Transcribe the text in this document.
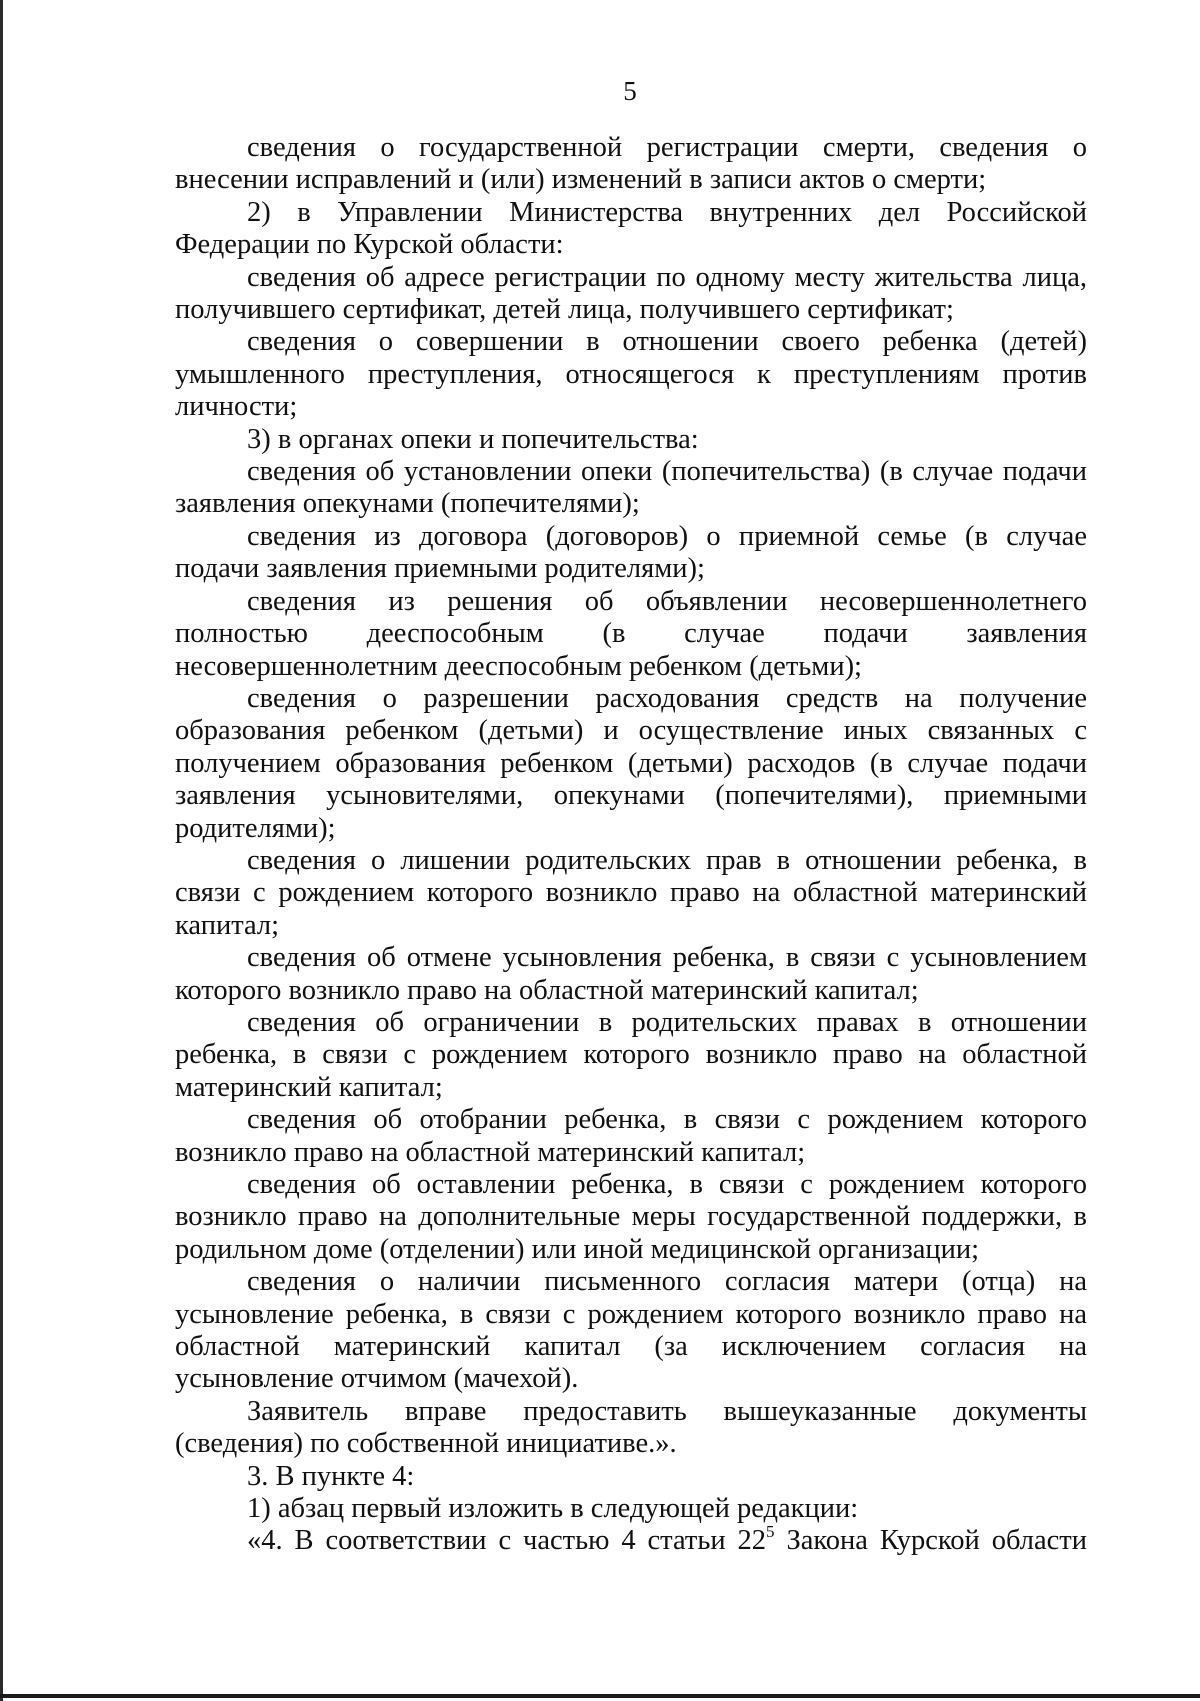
5

сведения о государственной регистрации смерти, сведения о внесении исправлений и (или) изменений в записи актов о смерти;

2) в Управлении Министерства внутренних дел Российской Федерации по Курской области:

сведения об адресе регистрации по одному месту жительства лица, получившего сертификат, детей лица, получившего сертификат;

сведения о совершении в отношении своего ребенка (детей) умышленного преступления, относящегося к преступлениям против личности;

3) в органах опеки и попечительства:

сведения об установлении опеки (попечительства) (в случае подачи заявления опекунами (попечителями);

сведения из договора (договоров) о приемной семье (в случае подачи заявления приемными родителями);

сведения из решения об объявлении несовершеннолетнего полностью дееспособным (в случае подачи заявления несовершеннолетним дееспособным ребенком (детьми);

сведения о разрешении расходования средств на получение образования ребенком (детьми) и осуществление иных связанных с получением образования ребенком (детьми) расходов (в случае подачи заявления усыновителями, опекунами (попечителями), приемными родителями);

сведения о лишении родительских прав в отношении ребенка, в связи с рождением которого возникло право на областной материнский капитал;

сведения об отмене усыновления ребенка, в связи с усыновлением которого возникло право на областной материнский капитал;

сведения об ограничении в родительских правах в отношении ребенка, в связи с рождением которого возникло право на областной материнский капитал;

сведения об отобрании ребенка, в связи с рождением которого возникло право на областной материнский капитал;

сведения об оставлении ребенка, в связи с рождением которого возникло право на дополнительные меры государственной поддержки, в родильном доме (отделении) или иной медицинской организации;

сведения о наличии письменного согласия матери (отца) на усыновление ребенка, в связи с рождением которого возникло право на областной материнский капитал (за исключением согласия на усыновление отчимом (мачехой).

Заявитель вправе предоставить вышеуказанные документы (сведения) по собственной инициативе.».

3. В пункте 4:

1) абзац первый изложить в следующей редакции:

«4. В соответствии с частью 4 статьи $22^5$ Закона Курской области
